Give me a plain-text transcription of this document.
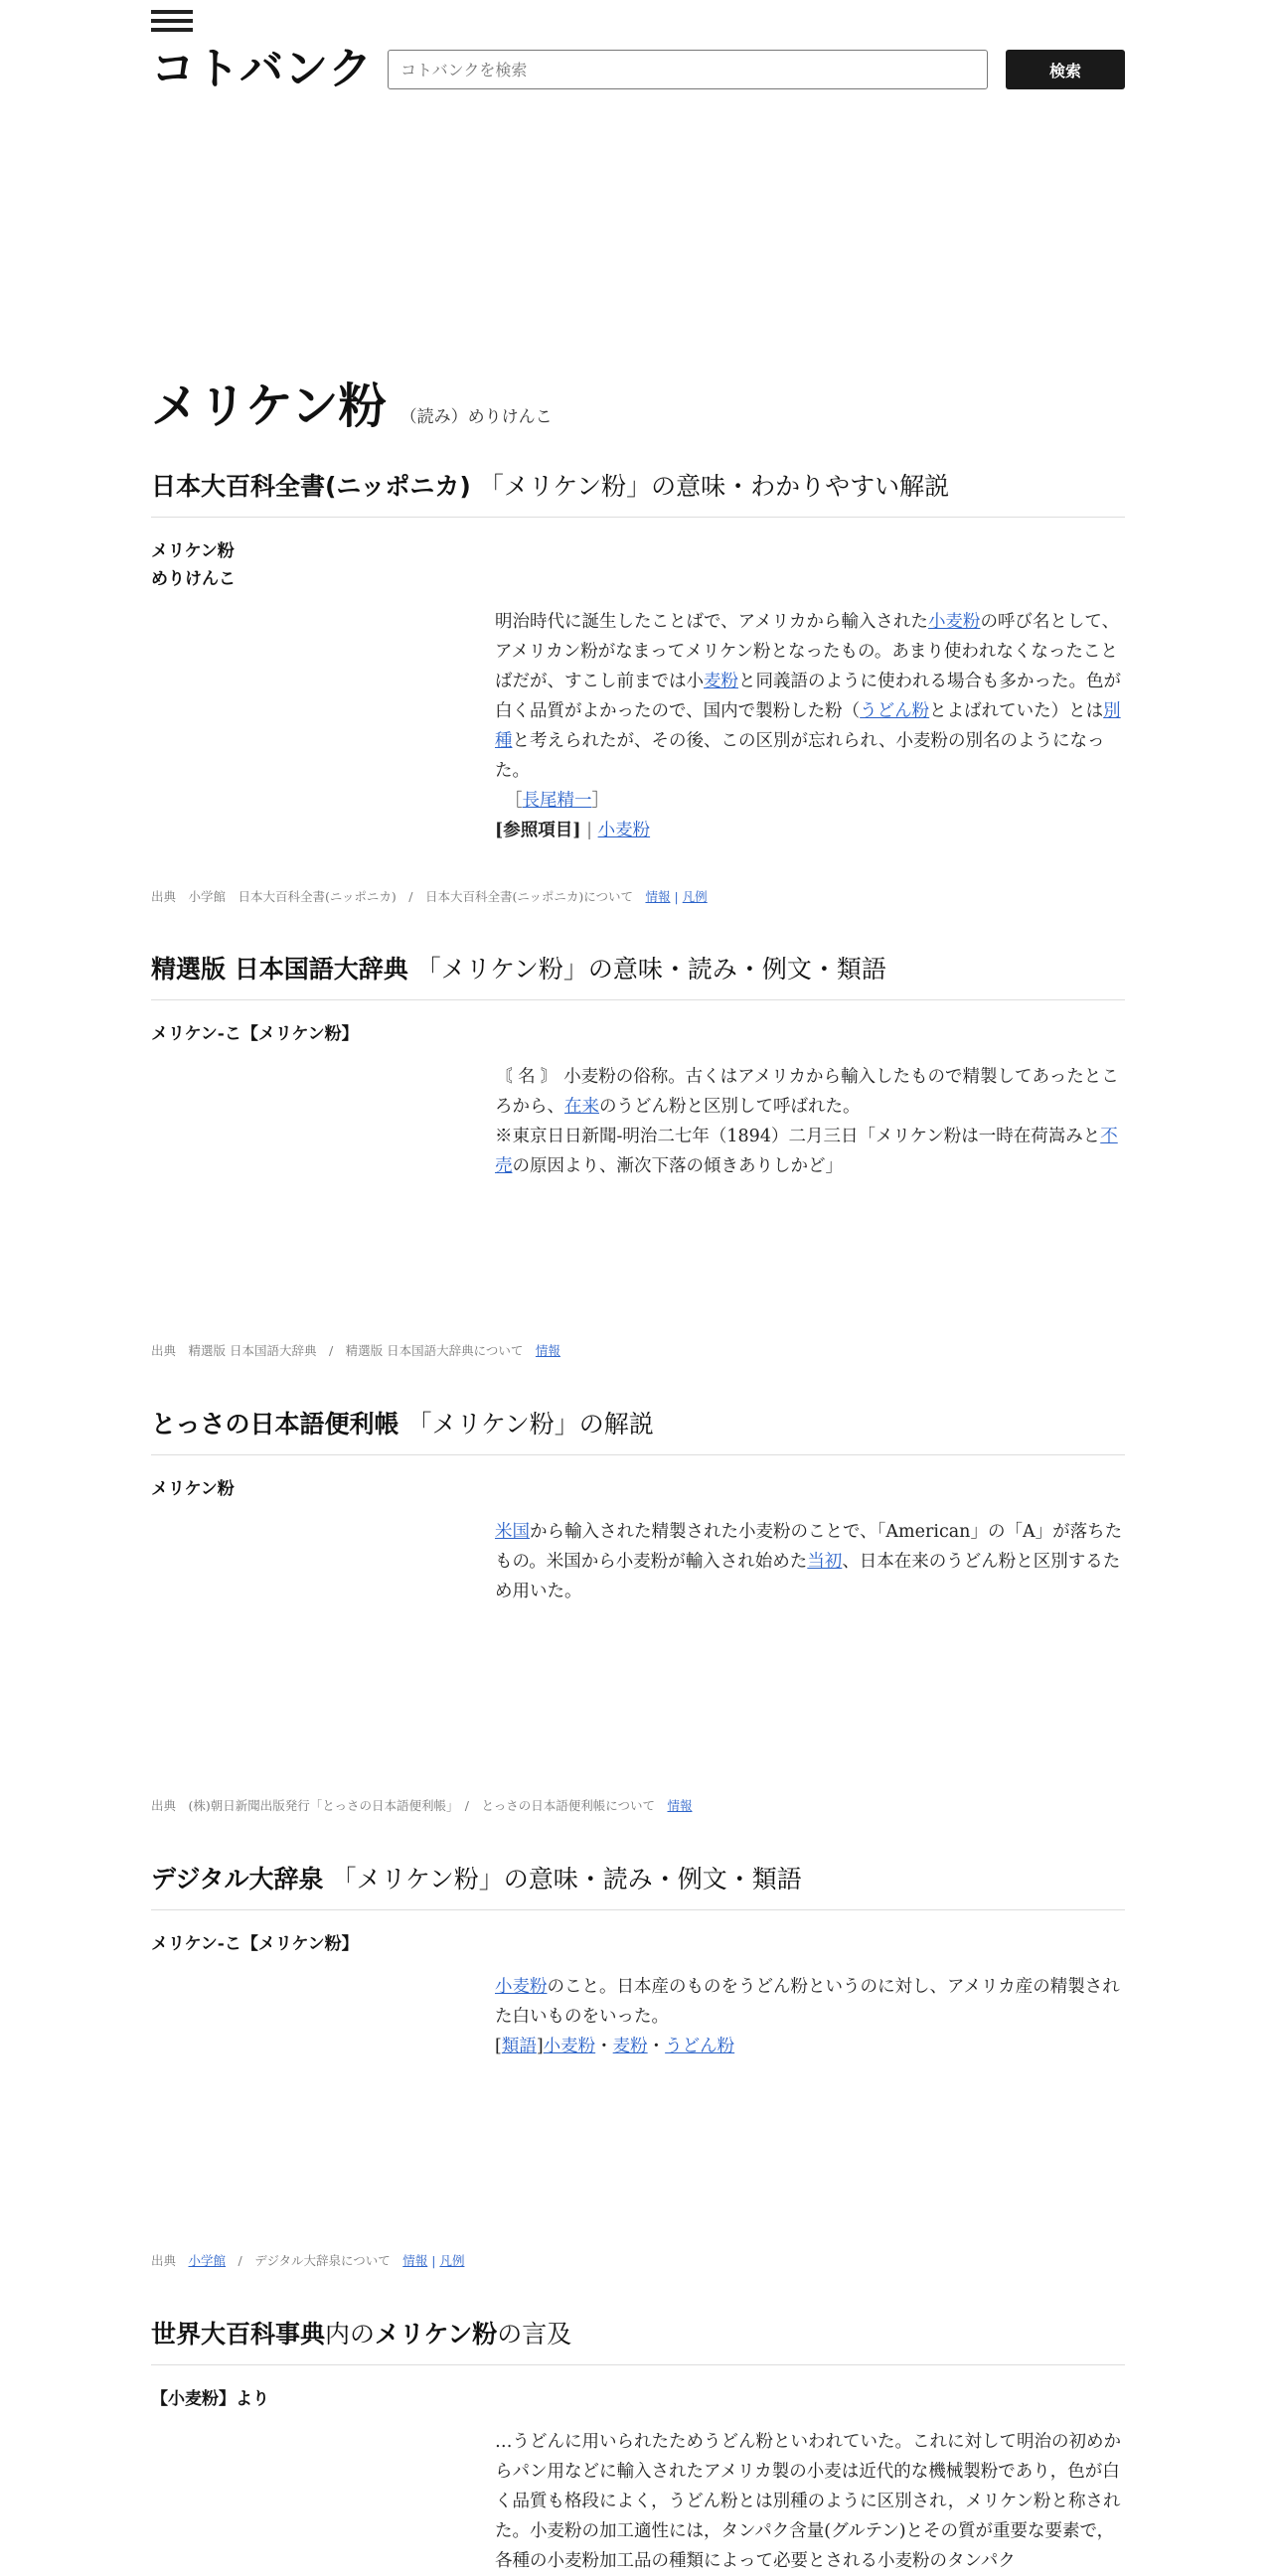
コトバンク
コトバンクを検索	検索
メリケン粉 （読み）めりけんこ
日本大百科全書(ニッポニカ) 「メリケン粉」の意味・わかりやすい解説
メリケン粉
めりけんこ

明治時代に誕生したことばで、アメリカから輸入された小麦粉の呼び名として、アメリカン粉がなまってメリケン粉となったもの。あまり使われなくなったことばだが、すこし前までは小麦粉と同義語のように使われる場合も多かった。色が白く品質がよかったので、国内で製粉した粉（うどん粉とよばれていた）とは別種と考えられたが、その後、この区別が忘れられ、小麦粉の別名のようになった。

［長尾精一］

[参照項目] | 小麦粉

出典　小学館　日本大百科全書(ニッポニカ)　/　日本大百科全書(ニッポニカ)について　情報 | 凡例
精選版 日本国語大辞典 「メリケン粉」の意味・読み・例文・類語
メリケン‐こ【メリケン粉】

〘 名 〙 小麦粉の俗称。古くはアメリカから輸入したもので精製してあったところから、在来のうどん粉と区別して呼ばれた。

※東京日日新聞‐明治二七年（1894）二月三日「メリケン粉は一時在荷嵩みと不売の原因より、漸次下落の傾きありしかど」

出典　精選版 日本国語大辞典　/　精選版 日本国語大辞典について　情報
とっさの日本語便利帳 「メリケン粉」の解説
メリケン粉

米国から輸入された精製された小麦粉のことで、「American」の「A」が落ちたもの。米国から小麦粉が輸入され始めた当初、日本在来のうどん粉と区別するため用いた。

出典　(株)朝日新聞出版発行「とっさの日本語便利帳」　/　とっさの日本語便利帳について　情報
デジタル大辞泉 「メリケン粉」の意味・読み・例文・類語
メリケン‐こ【メリケン粉】

小麦粉のこと。日本産のものをうどん粉というのに対し、アメリカ産の精製された白いものをいった。

[類語]小麦粉・麦粉・うどん粉

出典　小学館　/　デジタル大辞泉について　情報 | 凡例
世界大百科事典内のメリケン粉の言及
【小麦粉】より

…うどんに用いられたためうどん粉といわれていた。これに対して明治の初めからパン用などに輸入されたアメリカ製の小麦は近代的な機械製粉であり，色が白く品質も格段によく，うどん粉とは別種のように区別され，メリケン粉と称された。小麦粉の加工適性には，タンパク含量(グルテン)とその質が重要な要素で，各種の小麦粉加工品の種類によって必要とされる小麦粉のタンパク
